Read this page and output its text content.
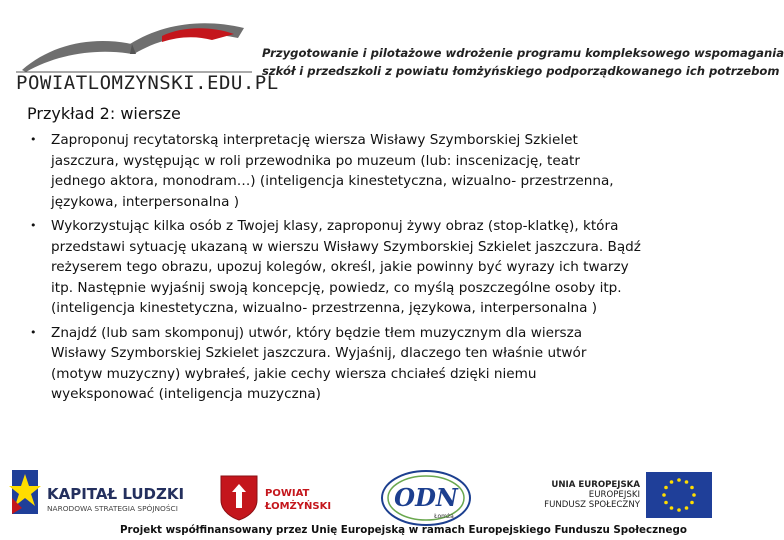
POWIATLOMZYNSKI.EDU.PL
Przygotowanie i pilotażowe wdrożenie programu kompleksowego wspomagania
szkół i przedszkoli z powiatu łomżyńskiego podporządkowanego ich potrzebom
Przykład 2: wiersze
• Zaproponuj recytatorską interpretację wiersza Wisławy Szymborskiej Szkielet
jaszczura, występując w roli przewodnika po muzeum (lub: inscenizację, teatr
jednego aktora, monodram…) (inteligencja kinestetyczna, wizualno- przestrzenna,
językowa, interpersonalna )
• Wykorzystując kilka osób z Twojej klasy, zaproponuj żywy obraz (stop-klatkę), która
przedstawi sytuację ukazaną w wierszu Wisławy Szymborskiej Szkielet jaszczura. Bądź
reżyserem tego obrazu, upozuj kolegów, określ, jakie powinny być wyrazy ich twarzy
itp. Następnie wyjaśnij swoją koncepcję, powiedz, co myślą poszczególne osoby itp.
(inteligencja kinestetyczna, wizualno- przestrzenna, językowa, interpersonalna )
• Znajdź (lub sam skomponuj) utwór, który będzie tłem muzycznym dla wiersza
Wisławy Szymborskiej Szkielet jaszczura. Wyjaśnij, dlaczego ten właśnie utwór
(motyw muzyczny) wybrałeś, jakie cechy wiersza chciałeś dzięki niemu
wyeksponować (inteligencja muzyczna)
KAPITAŁ LUDZKI
NARODOWA STRATEGIA SPÓJNOŚCI
POWIAT
ŁOMŻYŃSKI	ODN
Łomża
UNIA EUROPEJSKA
EUROPEJSKI
FUNDUSZ SPOŁECZNY
Projekt współfinansowany przez Unię Europejską w ramach Europejskiego Funduszu Społecznego
